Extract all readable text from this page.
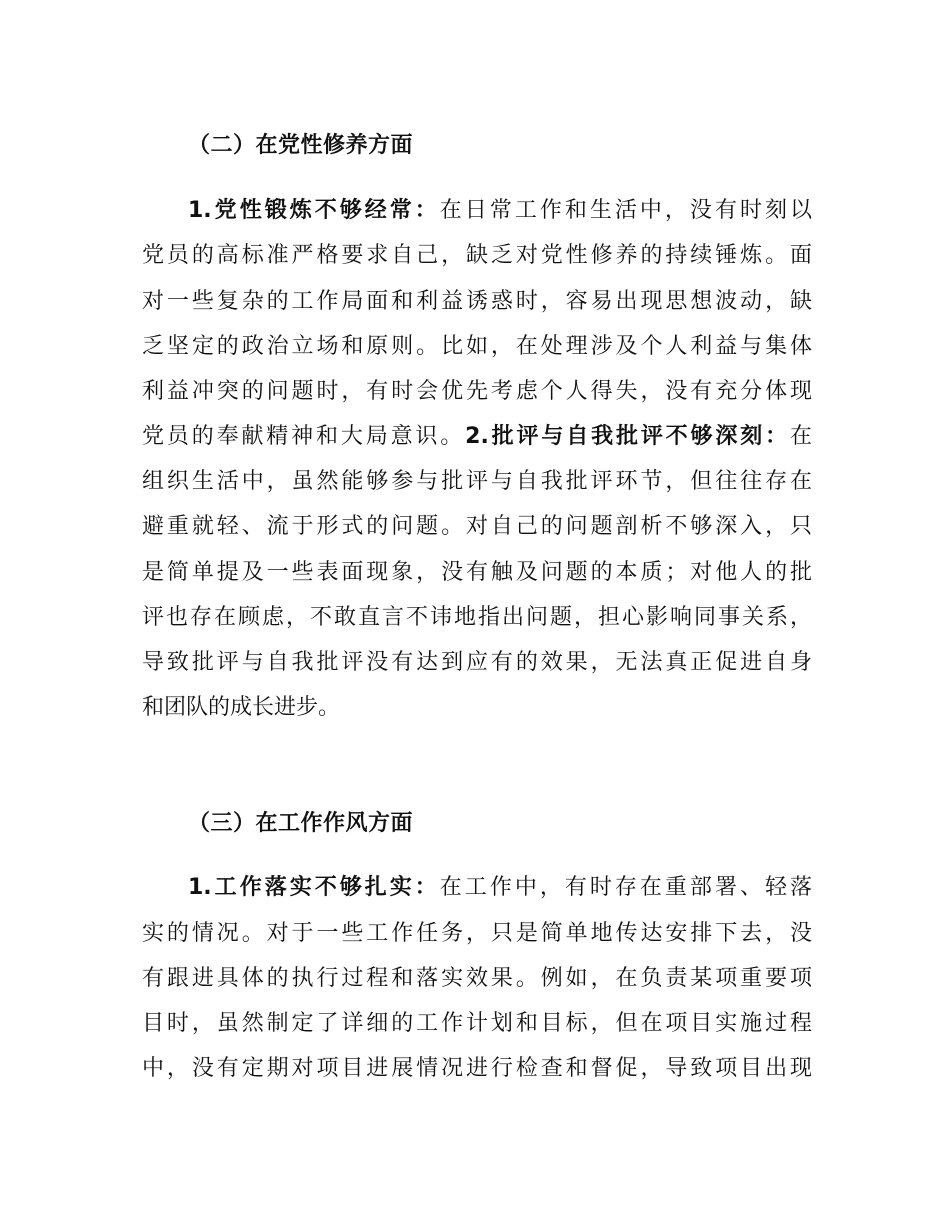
（二）在党性修养方面
1.党性锻炼不够经常：在日常工作和生活中，没有时刻以
党员的高标准严格要求自己，缺乏对党性修养的持续锤炼。面
对一些复杂的工作局面和利益诱惑时，容易出现思想波动，缺
乏坚定的政治立场和原则。比如，在处理涉及个人利益与集体
利益冲突的问题时，有时会优先考虑个人得失，没有充分体现
党员的奉献精神和大局意识。2.批评与自我批评不够深刻：在
组织生活中，虽然能够参与批评与自我批评环节，但往往存在
避重就轻、流于形式的问题。对自己的问题剖析不够深入，只
是简单提及一些表面现象，没有触及问题的本质；对他人的批
评也存在顾虑，不敢直言不讳地指出问题，担心影响同事关系，
导致批评与自我批评没有达到应有的效果，无法真正促进自身
和团队的成长进步。
（三）在工作作风方面
1.工作落实不够扎实：在工作中，有时存在重部署、轻落
实的情况。对于一些工作任务，只是简单地传达安排下去，没
有跟进具体的执行过程和落实效果。例如，在负责某项重要项
目时，虽然制定了详细的工作计划和目标，但在项目实施过程
中，没有定期对项目进展情况进行检查和督促，导致项目出现
